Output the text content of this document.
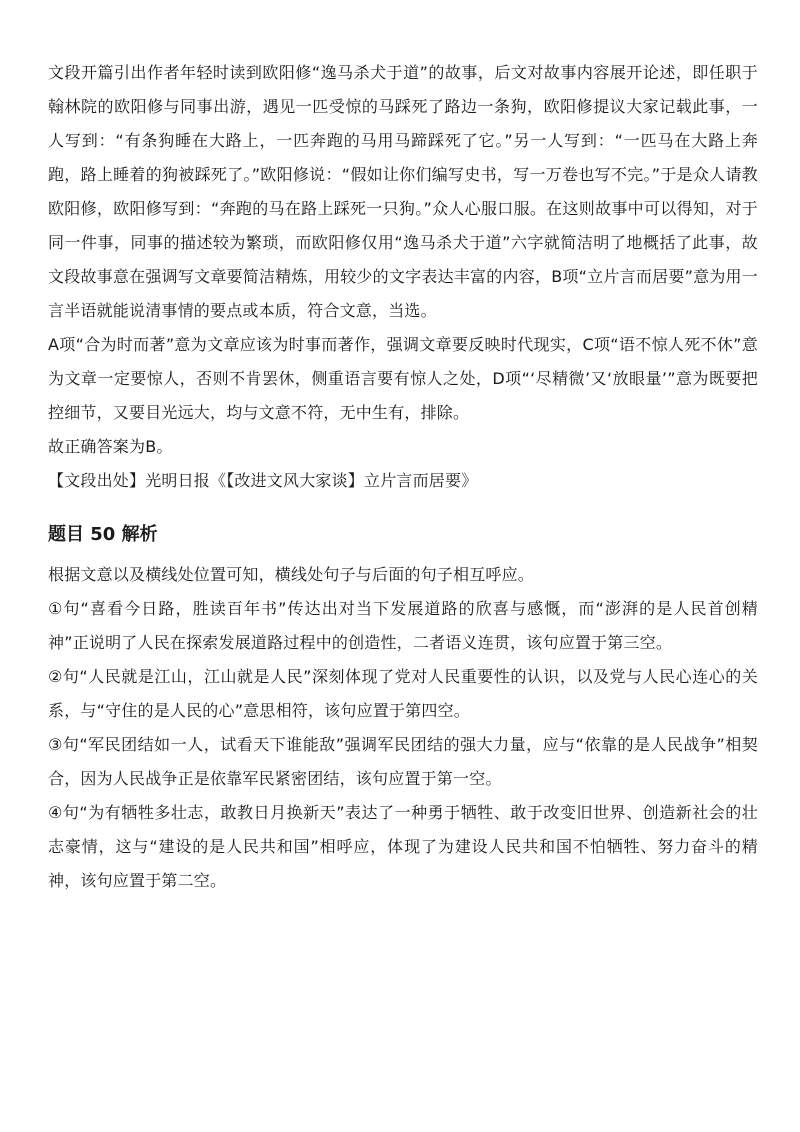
文段开篇引出作者年轻时读到欧阳修“逸马杀犬于道”的故事，后文对故事内容展开论述，即任职于翰林院的欧阳修与同事出游，遇见一匹受惊的马踩死了路边一条狗，欧阳修提议大家记载此事，一人写到：“有条狗睡在大路上，一匹奔跑的马用马蹄踩死了它。”另一人写到：“一匹马在大路上奔跑，路上睡着的狗被踩死了。”欧阳修说：“假如让你们编写史书，写一万卷也写不完。”于是众人请教欧阳修，欧阳修写到：“奔跑的马在路上踩死一只狗。”众人心服口服。在这则故事中可以得知，对于同一件事，同事的描述较为繁琐，而欧阳修仅用“逸马杀犬于道”六字就简洁明了地概括了此事，故文段故事意在强调写文章要简洁精炼，用较少的文字表达丰富的内容，B项“立片言而居要”意为用一言半语就能说清事情的要点或本质，符合文意，当选。

A项“合为时而著”意为文章应该为时事而著作，强调文章要反映时代现实，C项“语不惊人死不休”意为文章一定要惊人，否则不肯罢休，侧重语言要有惊人之处，D项“‘尽精微’又‘放眼量’”意为既要把控细节，又要目光远大，均与文意不符，无中生有，排除。

故正确答案为B。

【文段出处】光明日报《【改进文风大家谈】立片言而居要》

题目 50 解析

根据文意以及横线处位置可知，横线处句子与后面的句子相互呼应。

①句“喜看今日路，胜读百年书”传达出对当下发展道路的欣喜与感慨，而“澎湃的是人民首创精神”正说明了人民在探索发展道路过程中的创造性，二者语义连贯，该句应置于第三空。

②句“人民就是江山，江山就是人民”深刻体现了党对人民重要性的认识，以及党与人民心连心的关系，与“守住的是人民的心”意思相符，该句应置于第四空。

③句“军民团结如一人，试看天下谁能敌”强调军民团结的强大力量，应与“依靠的是人民战争”相契合，因为人民战争正是依靠军民紧密团结，该句应置于第一空。

④句“为有牺牲多壮志，敢教日月换新天”表达了一种勇于牺牲、敢于改变旧世界、创造新社会的壮志豪情，这与“建设的是人民共和国”相呼应，体现了为建设人民共和国不怕牺牲、努力奋斗的精神，该句应置于第二空。
